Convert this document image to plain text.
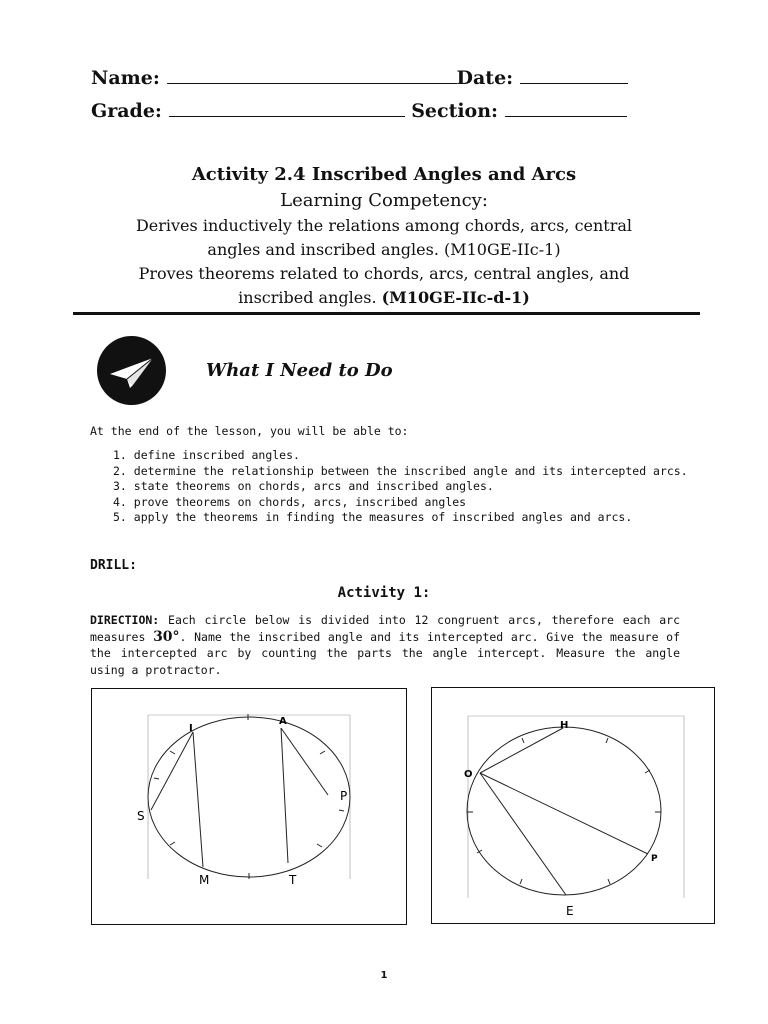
Name:	Date:
Grade:	Section:
Activity 2.4 Inscribed Angles and Arcs
Learning Competency:
Derives inductively the relations among chords, arcs, central
angles and inscribed angles. (M10GE-IIc-1)
Proves theorems related to chords, arcs, central angles, and
inscribed angles. (M10GE-IIc-d-1)
What I Need to Do
At the end of the lesson, you will be able to:
1. define inscribed angles.
2. determine the relationship between the inscribed angle and its intercepted arcs.
3. state theorems on chords, arcs and inscribed angles.
4. prove theorems on chords, arcs, inscribed angles
5. apply the theorems in finding the measures of inscribed angles and arcs.
DRILL:
Activity 1:
DIRECTION: Each circle below is divided into 12 congruent arcs, therefore each arc measures 30°. Name the inscribed angle and its intercepted arc. Give the measure of the intercepted arc by counting the parts the angle intercept. Measure the angle using a protractor.
I
A
S
P
M	T
H
O
P
E
1
